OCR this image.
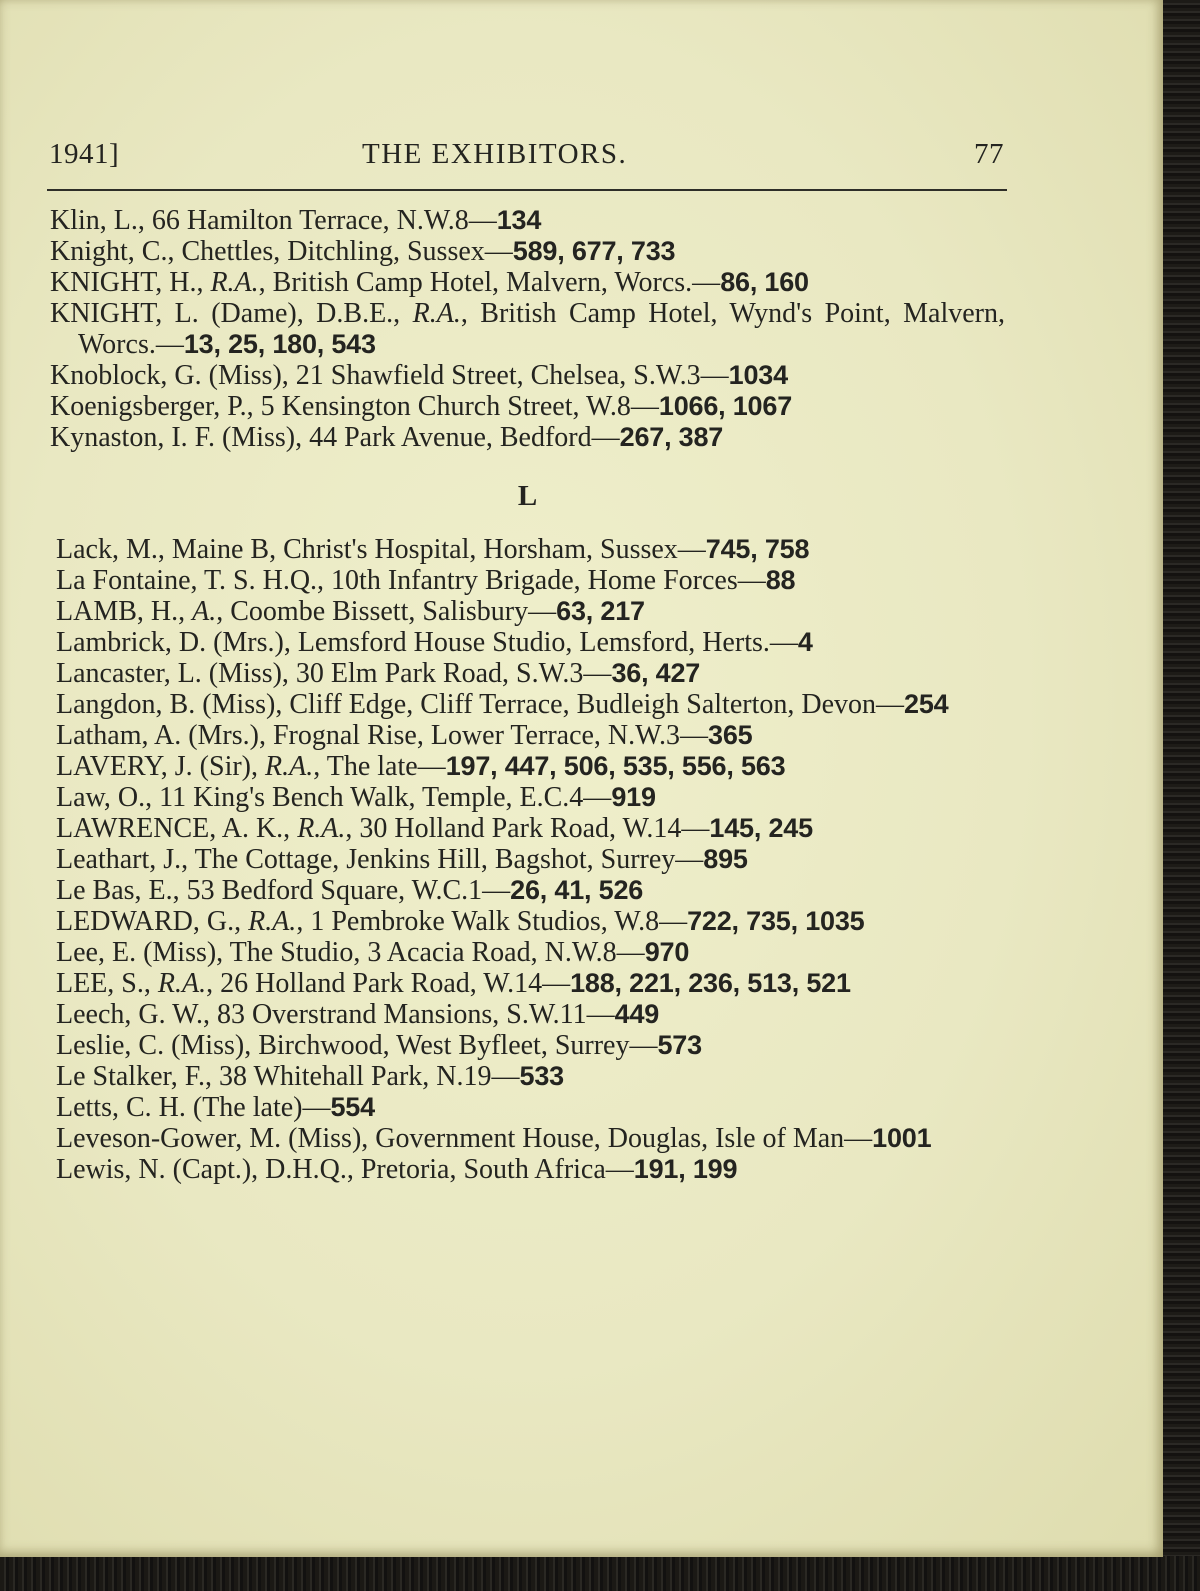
1941]	THE EXHIBITORS.	77
Klin, L., 66 Hamilton Terrace, N.W.8—134
Knight, C., Chettles, Ditchling, Sussex—589, 677, 733
KNIGHT, H., R.A., British Camp Hotel, Malvern, Worcs.—86, 160
KNIGHT, L. (Dame), D.B.E., R.A., British Camp Hotel, Wynd's Point, Malvern, Worcs.—13, 25, 180, 543
Knoblock, G. (Miss), 21 Shawfield Street, Chelsea, S.W.3—1034
Koenigsberger, P., 5 Kensington Church Street, W.8—1066, 1067
Kynaston, I. F. (Miss), 44 Park Avenue, Bedford—267, 387
L
Lack, M., Maine B, Christ's Hospital, Horsham, Sussex—745, 758
La Fontaine, T. S. H.Q., 10th Infantry Brigade, Home Forces—88
LAMB, H., A., Coombe Bissett, Salisbury—63, 217
Lambrick, D. (Mrs.), Lemsford House Studio, Lemsford, Herts.—4
Lancaster, L. (Miss), 30 Elm Park Road, S.W.3—36, 427
Langdon, B. (Miss), Cliff Edge, Cliff Terrace, Budleigh Salterton, Devon—254
Latham, A. (Mrs.), Frognal Rise, Lower Terrace, N.W.3—365
LAVERY, J. (Sir), R.A., The late—197, 447, 506, 535, 556, 563
Law, O., 11 King's Bench Walk, Temple, E.C.4—919
LAWRENCE, A. K., R.A., 30 Holland Park Road, W.14—145, 245
Leathart, J., The Cottage, Jenkins Hill, Bagshot, Surrey—895
Le Bas, E., 53 Bedford Square, W.C.1—26, 41, 526
LEDWARD, G., R.A., 1 Pembroke Walk Studios, W.8—722, 735, 1035
Lee, E. (Miss), The Studio, 3 Acacia Road, N.W.8—970
LEE, S., R.A., 26 Holland Park Road, W.14—188, 221, 236, 513, 521
Leech, G. W., 83 Overstrand Mansions, S.W.11—449
Leslie, C. (Miss), Birchwood, West Byfleet, Surrey—573
Le Stalker, F., 38 Whitehall Park, N.19—533
Letts, C. H. (The late)—554
Leveson-Gower, M. (Miss), Government House, Douglas, Isle of Man—1001
Lewis, N. (Capt.), D.H.Q., Pretoria, South Africa—191, 199
